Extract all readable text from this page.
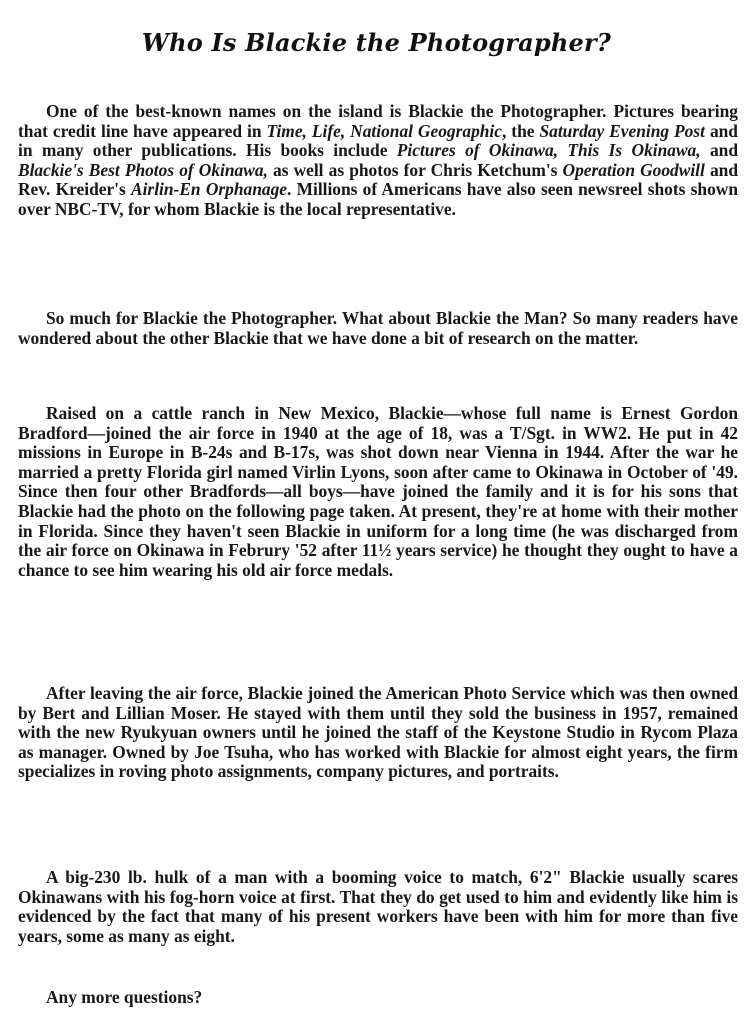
Who Is Blackie the Photographer?

One of the best-known names on the island is Blackie the Photographer. Pictures bearing that credit line have appeared in Time, Life, National Geographic, the Saturday Evening Post and in many other publications. His books include Pictures of Okinawa, This Is Okinawa, and Blackie's Best Photos of Okinawa, as well as photos for Chris Ketchum's Operation Goodwill and Rev. Kreider's Airlin-En Orphanage. Millions of Americans have also seen newsreel shots shown over NBC-TV, for whom Blackie is the local representative.

So much for Blackie the Photographer. What about Blackie the Man? So many readers have wondered about the other Blackie that we have done a bit of research on the matter.

Raised on a cattle ranch in New Mexico, Blackie—whose full name is Ernest Gordon Bradford—joined the air force in 1940 at the age of 18, was a T/Sgt. in WW2. He put in 42 missions in Europe in B-24s and B-17s, was shot down near Vienna in 1944. After the war he married a pretty Florida girl named Virlin Lyons, soon after came to Okinawa in October of '49. Since then four other Bradfords—all boys—have joined the family and it is for his sons that Blackie had the photo on the following page taken. At present, they're at home with their mother in Florida. Since they haven't seen Blackie in uniform for a long time (he was discharged from the air force on Okinawa in Februry '52 after 11½ years service) he thought they ought to have a chance to see him wearing his old air force medals.

After leaving the air force, Blackie joined the American Photo Service which was then owned by Bert and Lillian Moser. He stayed with them until they sold the business in 1957, remained with the new Ryukyuan owners until he joined the staff of the Keystone Studio in Rycom Plaza as manager. Owned by Joe Tsuha, who has worked with Blackie for almost eight years, the firm specializes in roving photo assignments, company pictures, and portraits.

A big-230 lb. hulk of a man with a booming voice to match, 6'2" Blackie usually scares Okinawans with his fog-horn voice at first. That they do get used to him and evidently like him is evidenced by the fact that many of his present workers have been with him for more than five years, some as many as eight.

Any more questions?
